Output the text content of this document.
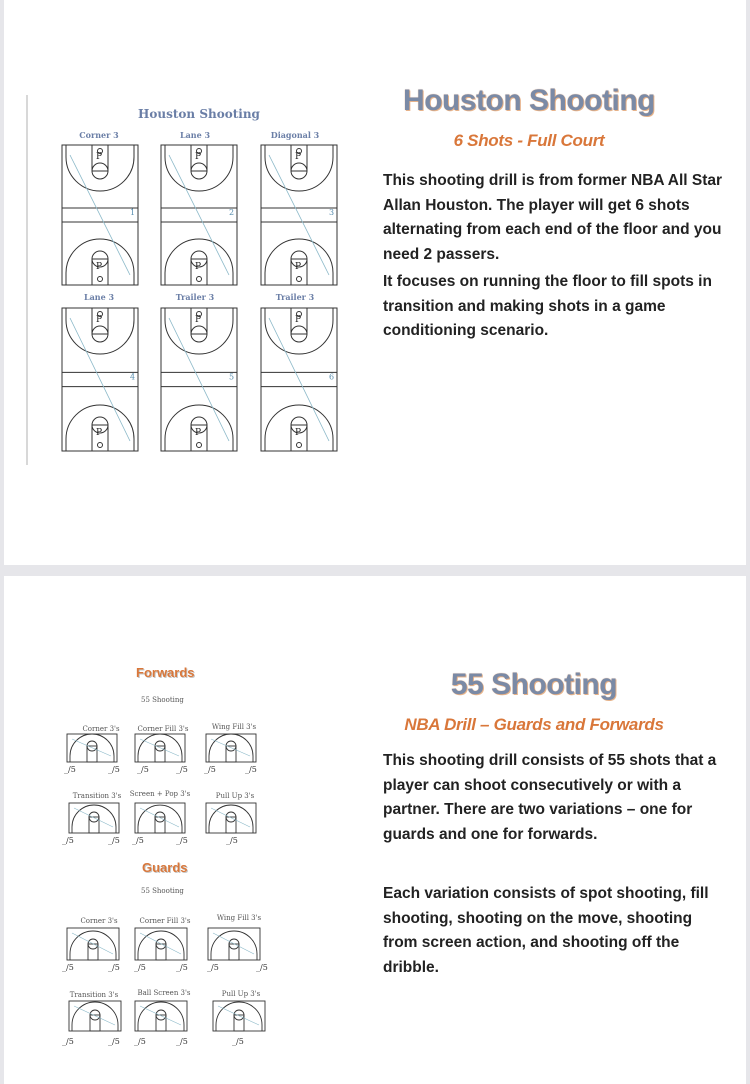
Houston Shooting
6 Shots - Full Court

This shooting drill is from former NBA All Star Allan Houston. The player will get 6 shots alternating from each end of the floor and you need 2 passers.

It focuses on running the floor to fill spots in transition and making shots in a game conditioning scenario.

Houston Shooting
Corner 3	Lane 3	Diagonal 3
Lane 3	Trailer 3	Trailer 3
P
P
1
P
P
2
P
P
3
P
P
4
P
P
5
P
P
6
55 Shooting
NBA Drill – Guards and Forwards

This shooting drill consists of 55 shots that a player can shoot consecutively or with a partner. There are two variations – one for guards and one for forwards.

Each variation consists of spot shooting, fill shooting, shooting on the move, shooting from screen action, and shooting off the dribble.

Forwards
55 Shooting
Guards
55 Shooting
Corner 3's	Corner Fill 3's	Wing Fill 3's
Transition 3's	Screen + Pop 3's	Pull Up 3's
_/5	_/5 _/5	_/5 _/5	_/5
_/5	_/5 _/5	_/5	_/5
Corner 3's	Corner Fill 3's	Wing Fill 3's
Transition 3's	Ball Screen 3's	Pull Up 3's
_/5	_/5 _/5	_/5 _/5	_/5
_/5	_/5 _/5	_/5	_/5
